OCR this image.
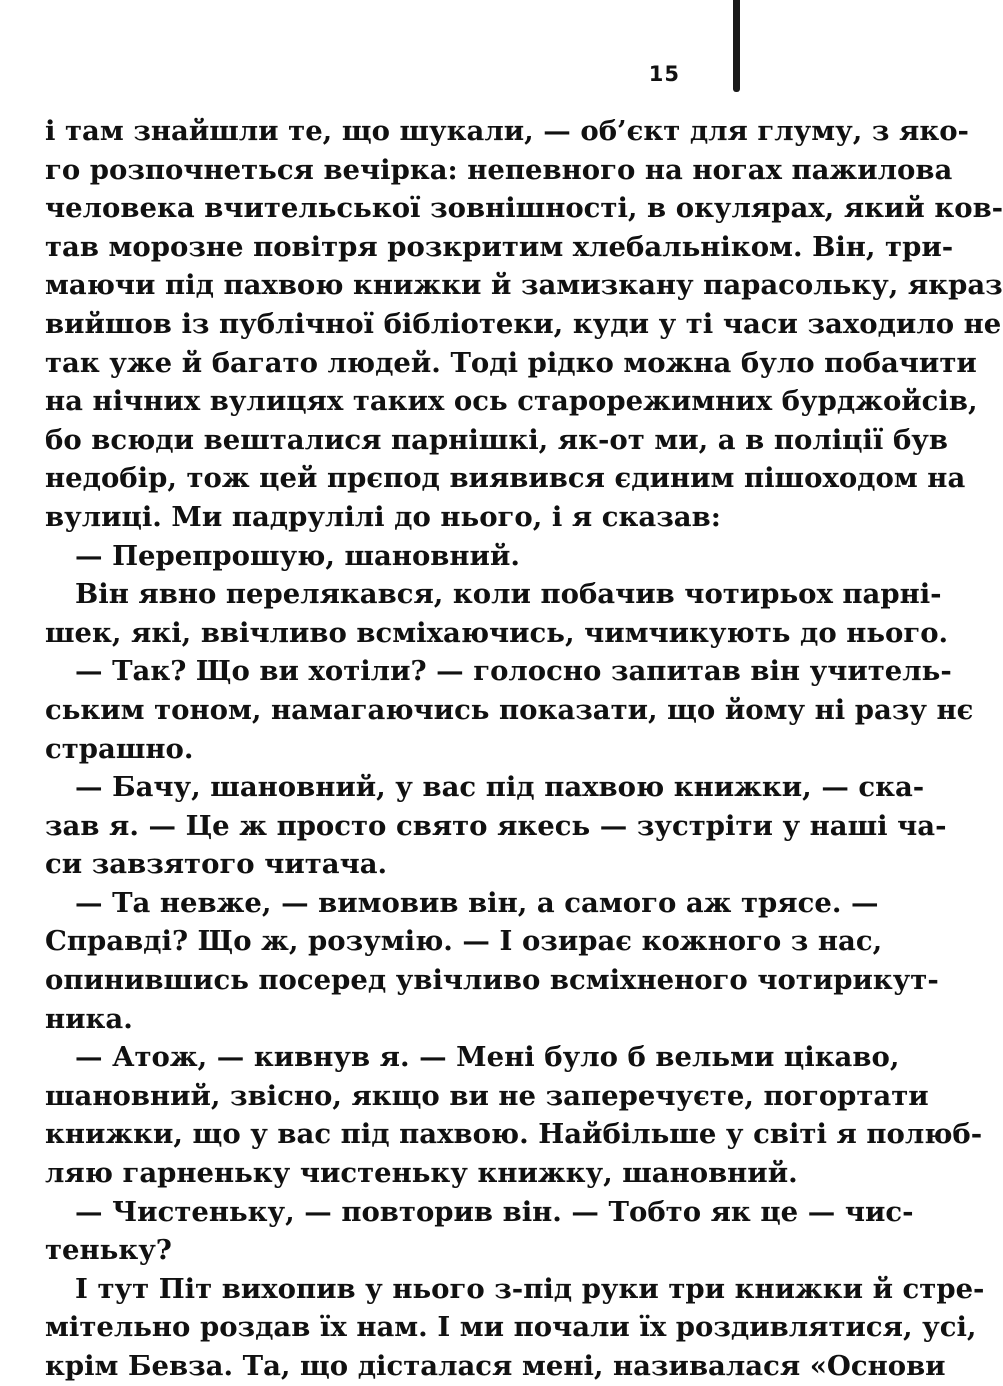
15
і там знайшли те, що шукали, — об’єкт для глуму, з яко-
го розпочнеться вечірка: непевного на ногах пажилова
человека вчительської зовнішності, в окулярах, який ков-
тав морозне повітря розкритим хлебальніком. Він, три-
маючи під пахвою книжки й замизкану парасольку, якраз
вийшов із публічної бібліотеки, куди у ті часи заходило не
так уже й багато людей. Тоді рідко можна було побачити
на нічних вулицях таких ось старорежимних бурджойсів,
бо всюди вешталися парнішкі, як-от ми, а в поліції був
недобір, тож цей прєпод виявився єдиним пішоходом на
вулиці. Ми падрулілі до нього, і я сказав:
— Перепрошую, шановний.
Він явно перелякався, коли побачив чотирьох парні-
шек, які, ввічливо всміхаючись, чимчикують до нього.
— Так? Що ви хотіли? — голосно запитав він учитель-
ським тоном, намагаючись показати, що йому ні разу нє
страшно.
— Бачу, шановний, у вас під пахвою книжки, — ска-
зав я. — Це ж просто свято якесь — зустріти у наші ча-
си завзятого читача.
— Та невже, — вимовив він, а самого аж трясе. —
Справді? Що ж, розумію. — І озирає кожного з нас,
опинившись посеред увічливо всміхненого чотирикут-
ника.
— Атож, — кивнув я. — Мені було б вельми цікаво,
шановний, звісно, якщо ви не заперечуєте, погортати
книжки, що у вас під пахвою. Найбільше у світі я полюб-
ляю гарненьку чистеньку книжку, шановний.
— Чистеньку, — повторив він. — Тобто як це — чис-
теньку?
І тут Піт вихопив у нього з-під руки три книжки й стре-
мітельно роздав їх нам. І ми почали їх роздивлятися, усі,
крім Бевза. Та, що дісталася мені, називалася «Основи
